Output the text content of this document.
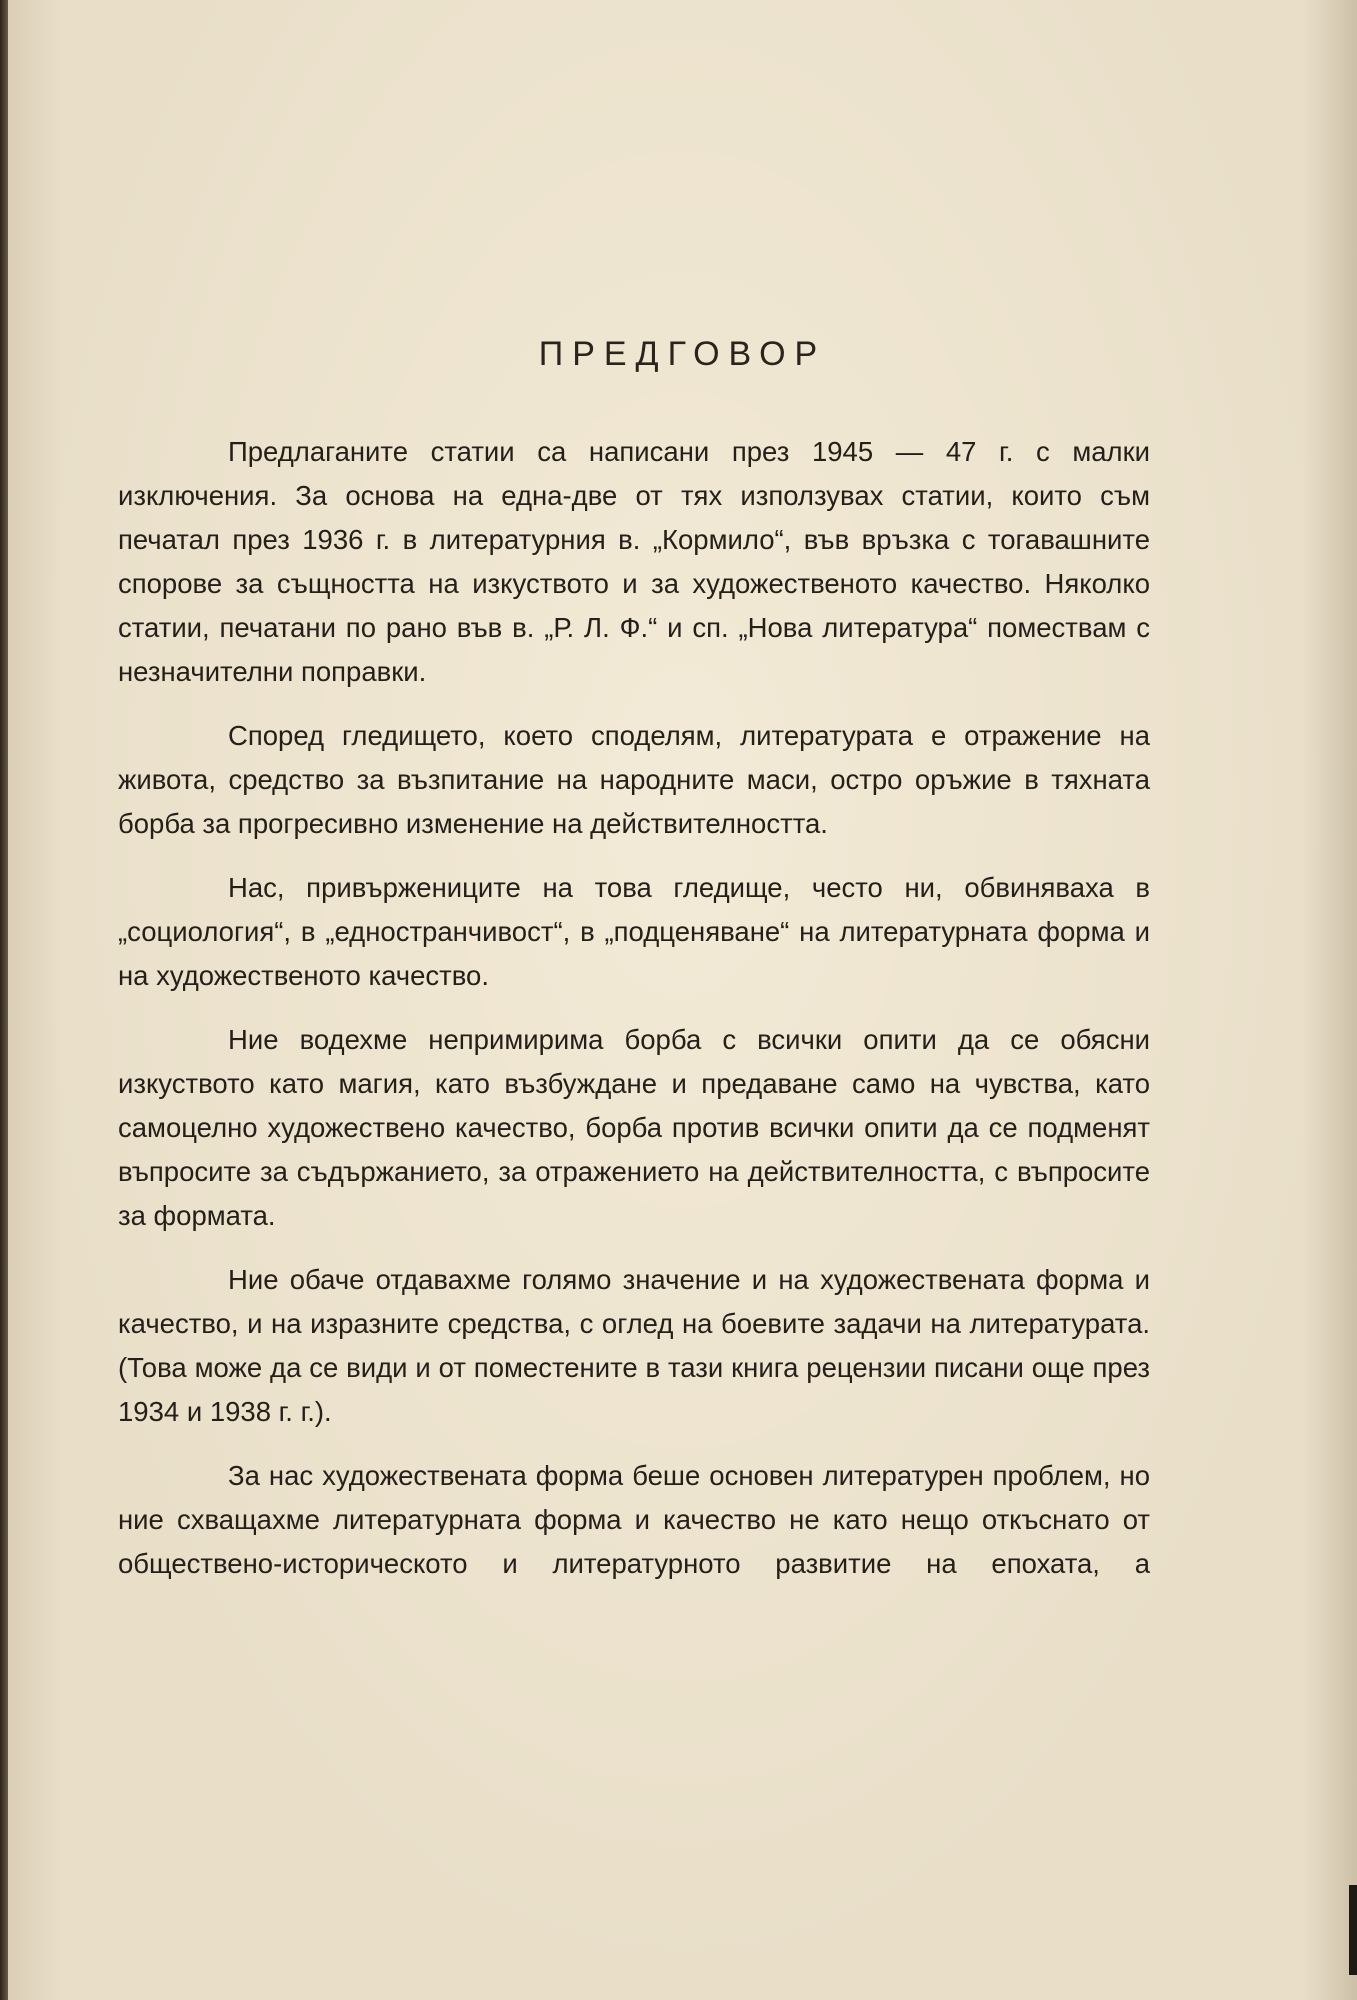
ПРЕДГОВОР

Предлаганите статии са написани през 1945 — 47 г. с малки изключения. За основа на една-две от тях използувах статии, които съм печатал през 1936 г. в литературния в. „Кормило“, във връзка с тогавашните спорове за същността на изкуството и за художественото качество. Няколко статии, печатани по рано във в. „Р. Л. Ф.“ и сп. „Нова литература“ помествам с незначителни поправки.

Според гледището, което споделям, литературата е отражение на живота, средство за възпитание на народните маси, остро оръжие в тяхната борба за прогресивно изменение на действителността.

Нас, привържениците на това гледище, често ни, обвиняваха в „социология“, в „едностранчивост“, в „подценяване“ на литературната форма и на художественото качество.

Ние водехме непримирима борба с всички опити да се обясни изкуството като магия, като възбуждане и предаване само на чувства, като самоцелно художествено качество, борба против всички опити да се подменят въпросите за съдържанието, за отражението на действителността, с въпросите за формата.

Ние обаче отдавахме голямо значение и на художествената форма и качество, и на изразните средства, с оглед на боевите задачи на литературата. (Това може да се види и от поместените в тази книга рецензии писани още през 1934 и 1938 г. г.).

За нас художествената форма беше основен литературен проблем, но ние схващахме литературната форма и качество не като нещо откъснато от обществено-историческото и литературното развитие на епохата, а
